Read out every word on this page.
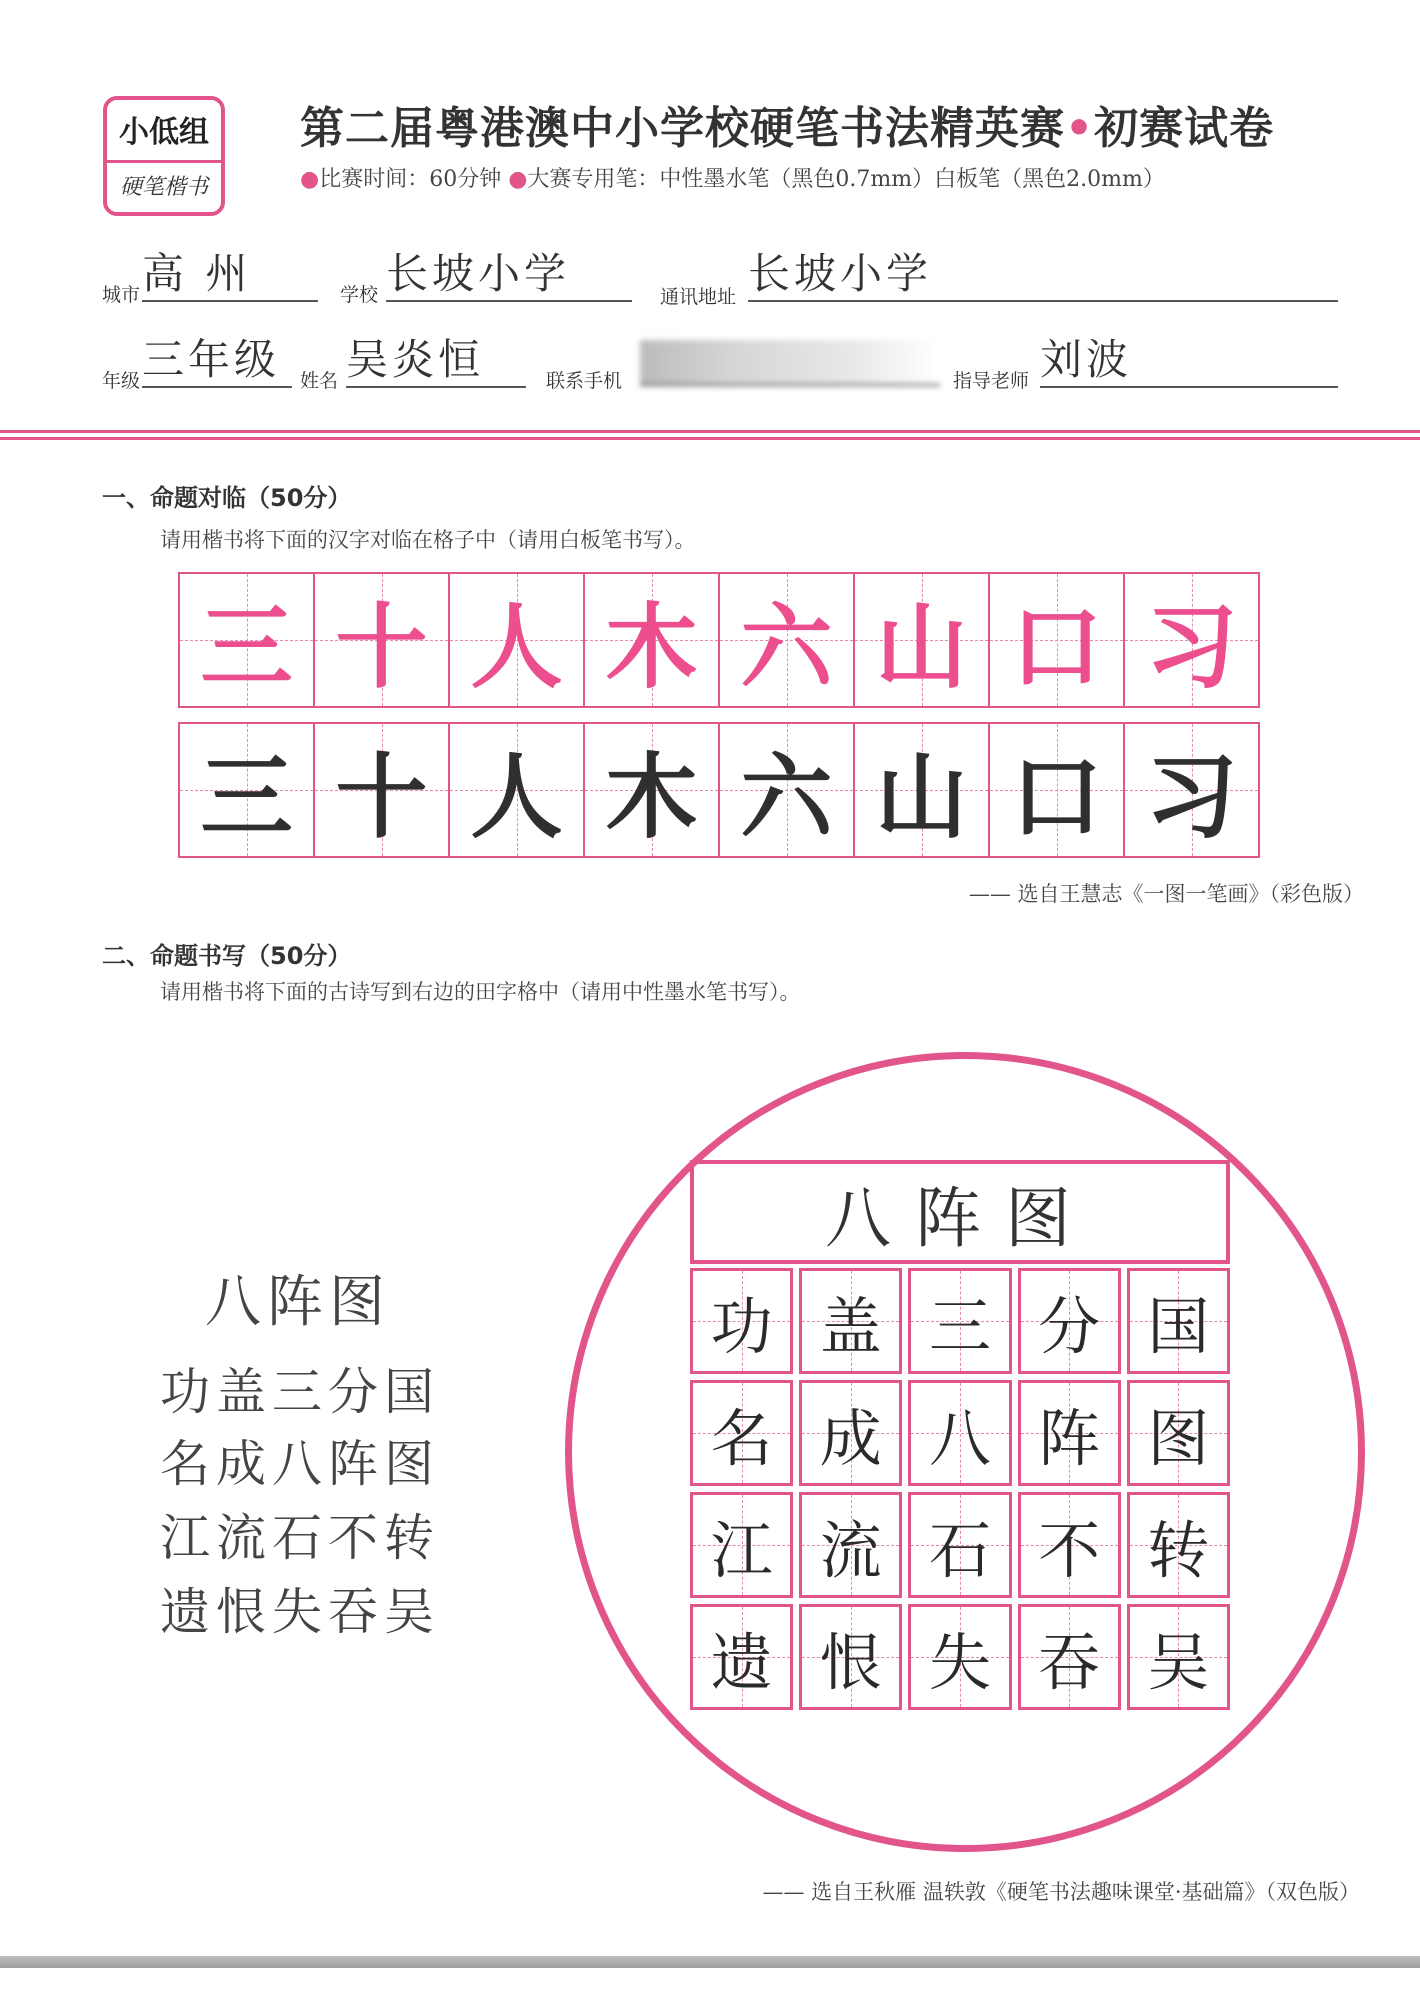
小低组
硬笔楷书
第二届粤港澳中小学校硬笔书法精英赛•初赛试卷
●比赛时间：60分钟 ●大赛专用笔：中性墨水笔（黑色0.7mm）白板笔（黑色2.0mm）
城市 高 州	学校 长坡小学	通讯地址 长坡小学
年级 三年级	姓名 吴炎恒	联系手机	指导老师 刘波
一、命题对临（50分）
请用楷书将下面的汉字对临在格子中（请用白板笔书写）。
三 十 人 木 六 山 口 习
三 十 人 木 六 山 口 习
—— 选自王慧志《一图一笔画》（彩色版）
二、命题书写（50分）
请用楷书将下面的古诗写到右边的田字格中（请用中性墨水笔书写）。
八阵图
功盖三分国
名成八阵图
江流石不转
遗恨失吞吴
八阵图
功 盖 三 分 国
名 成 八 阵 图
江 流 石 不 转
遗 恨 失 吞 吴
—— 选自王秋雁 温轶敦《硬笔书法趣味课堂·基础篇》（双色版）
